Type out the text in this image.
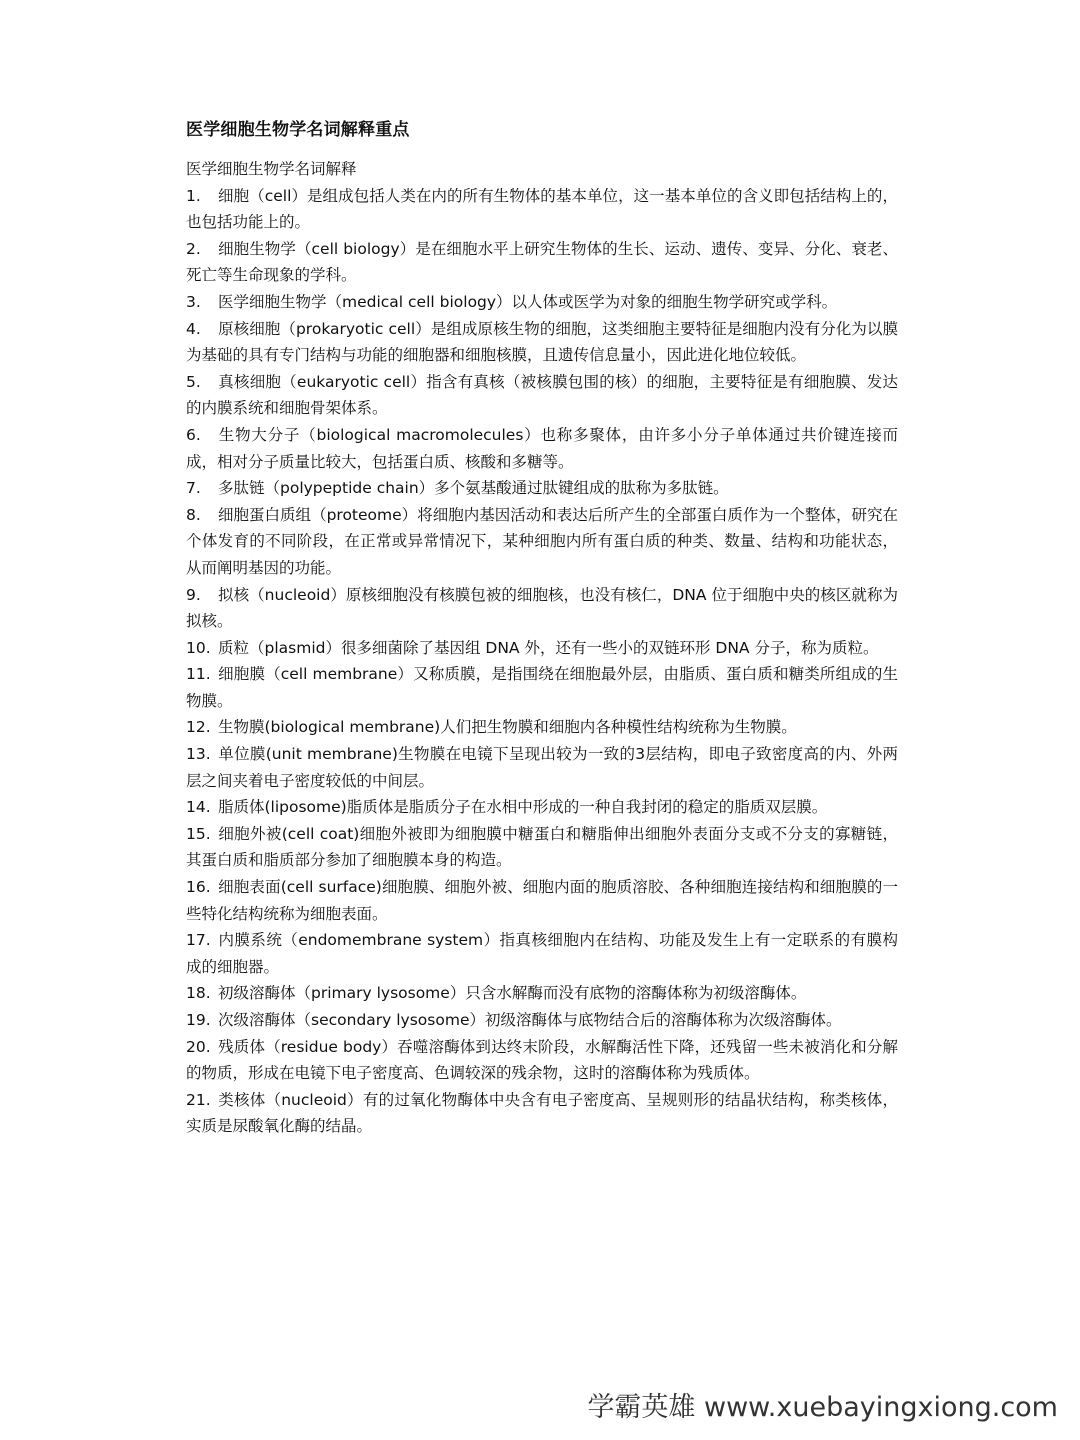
医学细胞生物学名词解释重点

医学细胞生物学名词解释

1. 细胞（cell）是组成包括人类在内的所有生物体的基本单位，这一基本单位的含义即包括结构上的，也包括功能上的。

2. 细胞生物学（cell biology）是在细胞水平上研究生物体的生长、运动、遗传、变异、分化、衰老、死亡等生命现象的学科。

3. 医学细胞生物学（medical cell biology）以人体或医学为对象的细胞生物学研究或学科。

4. 原核细胞（prokaryotic cell）是组成原核生物的细胞，这类细胞主要特征是细胞内没有分化为以膜为基础的具有专门结构与功能的细胞器和细胞核膜，且遗传信息量小，因此进化地位较低。

5. 真核细胞（eukaryotic cell）指含有真核（被核膜包围的核）的细胞，主要特征是有细胞膜、发达的内膜系统和细胞骨架体系。

6. 生物大分子（biological macromolecules）也称多聚体，由许多小分子单体通过共价键连接而成，相对分子质量比较大，包括蛋白质、核酸和多糖等。

7. 多肽链（polypeptide chain）多个氨基酸通过肽键组成的肽称为多肽链。

8. 细胞蛋白质组（proteome）将细胞内基因活动和表达后所产生的全部蛋白质作为一个整体，研究在个体发育的不同阶段，在正常或异常情况下，某种细胞内所有蛋白质的种类、数量、结构和功能状态，从而阐明基因的功能。

9. 拟核（nucleoid）原核细胞没有核膜包被的细胞核，也没有核仁，DNA 位于细胞中央的核区就称为拟核。

10. 质粒（plasmid）很多细菌除了基因组 DNA 外，还有一些小的双链环形 DNA 分子，称为质粒。

11. 细胞膜（cell membrane）又称质膜，是指围绕在细胞最外层，由脂质、蛋白质和糖类所组成的生物膜。

12. 生物膜(biological membrane)人们把生物膜和细胞内各种模性结构统称为生物膜。

13. 单位膜(unit membrane)生物膜在电镜下呈现出较为一致的3层结构，即电子致密度高的内、外两层之间夹着电子密度较低的中间层。

14. 脂质体(liposome)脂质体是脂质分子在水相中形成的一种自我封闭的稳定的脂质双层膜。

15. 细胞外被(cell coat)细胞外被即为细胞膜中糖蛋白和糖脂伸出细胞外表面分支或不分支的寡糖链，其蛋白质和脂质部分参加了细胞膜本身的构造。

16. 细胞表面(cell surface)细胞膜、细胞外被、细胞内面的胞质溶胶、各种细胞连接结构和细胞膜的一些特化结构统称为细胞表面。

17. 内膜系统（endomembrane system）指真核细胞内在结构、功能及发生上有一定联系的有膜构成的细胞器。

18. 初级溶酶体（primary lysosome）只含水解酶而没有底物的溶酶体称为初级溶酶体。

19. 次级溶酶体（secondary lysosome）初级溶酶体与底物结合后的溶酶体称为次级溶酶体。

20. 残质体（residue body）吞噬溶酶体到达终末阶段，水解酶活性下降，还残留一些未被消化和分解的物质，形成在电镜下电子密度高、色调较深的残余物，这时的溶酶体称为残质体。

21. 类核体（nucleoid）有的过氧化物酶体中央含有电子密度高、呈规则形的结晶状结构，称类核体，实质是尿酸氧化酶的结晶。

学霸英雄 www.xuebayingxiong.com
